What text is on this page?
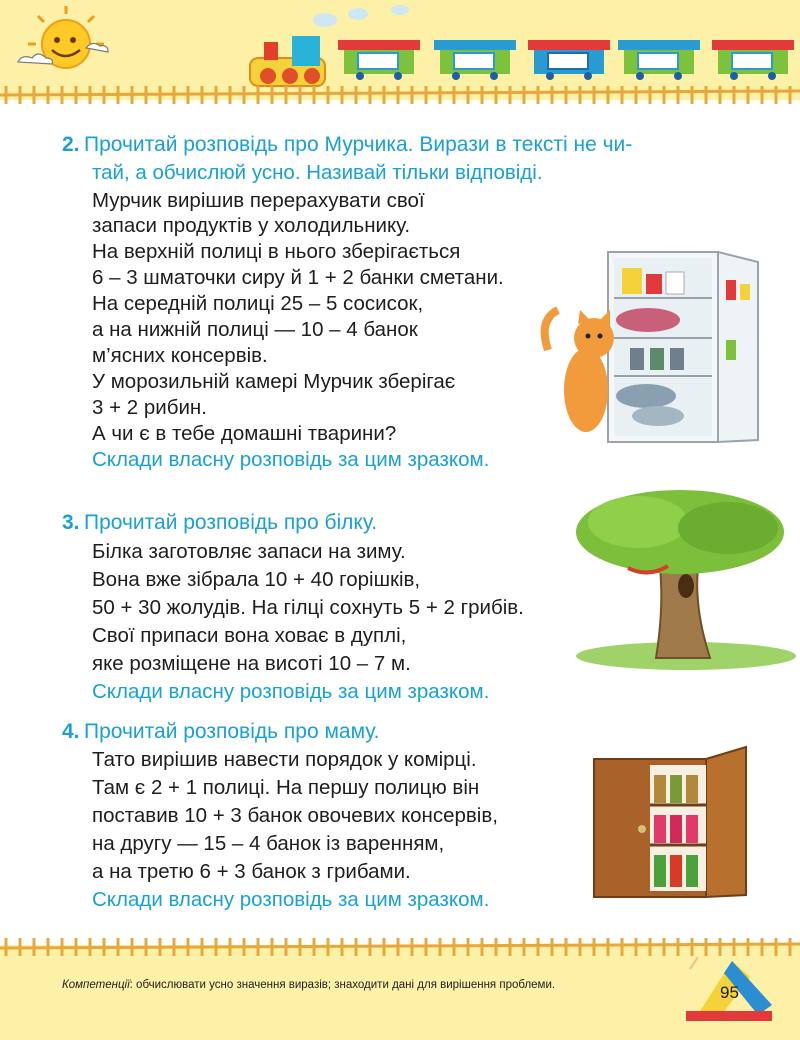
2. Прочитай розповідь про Мурчика. Вирази в тексті не чи-
тай, а обчислюй усно. Називай тільки відповіді.
Мурчик вирішив перерахувати свої
запаси продуктів у холодильнику.
На верхній полиці в нього зберігається
6 – 3 шматочки сиру й 1 + 2 банки сметани.
На середній полиці 25 – 5 сосисок,
а на нижній полиці — 10 – 4 банок
м’ясних консервів.
У морозильній камері Мурчик зберігає
3 + 2 рибин.
А чи є в тебе домашні тварини?
Склади власну розповідь за цим зразком.
3. Прочитай розповідь про білку.
Білка заготовляє запаси на зиму.
Вона вже зібрала 10 + 40 горішків,
50 + 30 жолудів. На гілці сохнуть 5 + 2 грибів.
Свої припаси вона ховає в дуплі,
яке розміщене на висоті 10 – 7 м.
Склади власну розповідь за цим зразком.
4. Прочитай розповідь про маму.
Тато вирішив навести порядок у комірці.
Там є 2 + 1 полиці. На першу полицю він
поставив 10 + 3 банок овочевих консервів,
на другу — 15 – 4 банок із варенням,
а на третю 6 + 3 банок з грибами.
Склади власну розповідь за цим зразком.
Компетенції: обчислювати усно значення виразів; знаходити дані для вирішення проблеми.	95
